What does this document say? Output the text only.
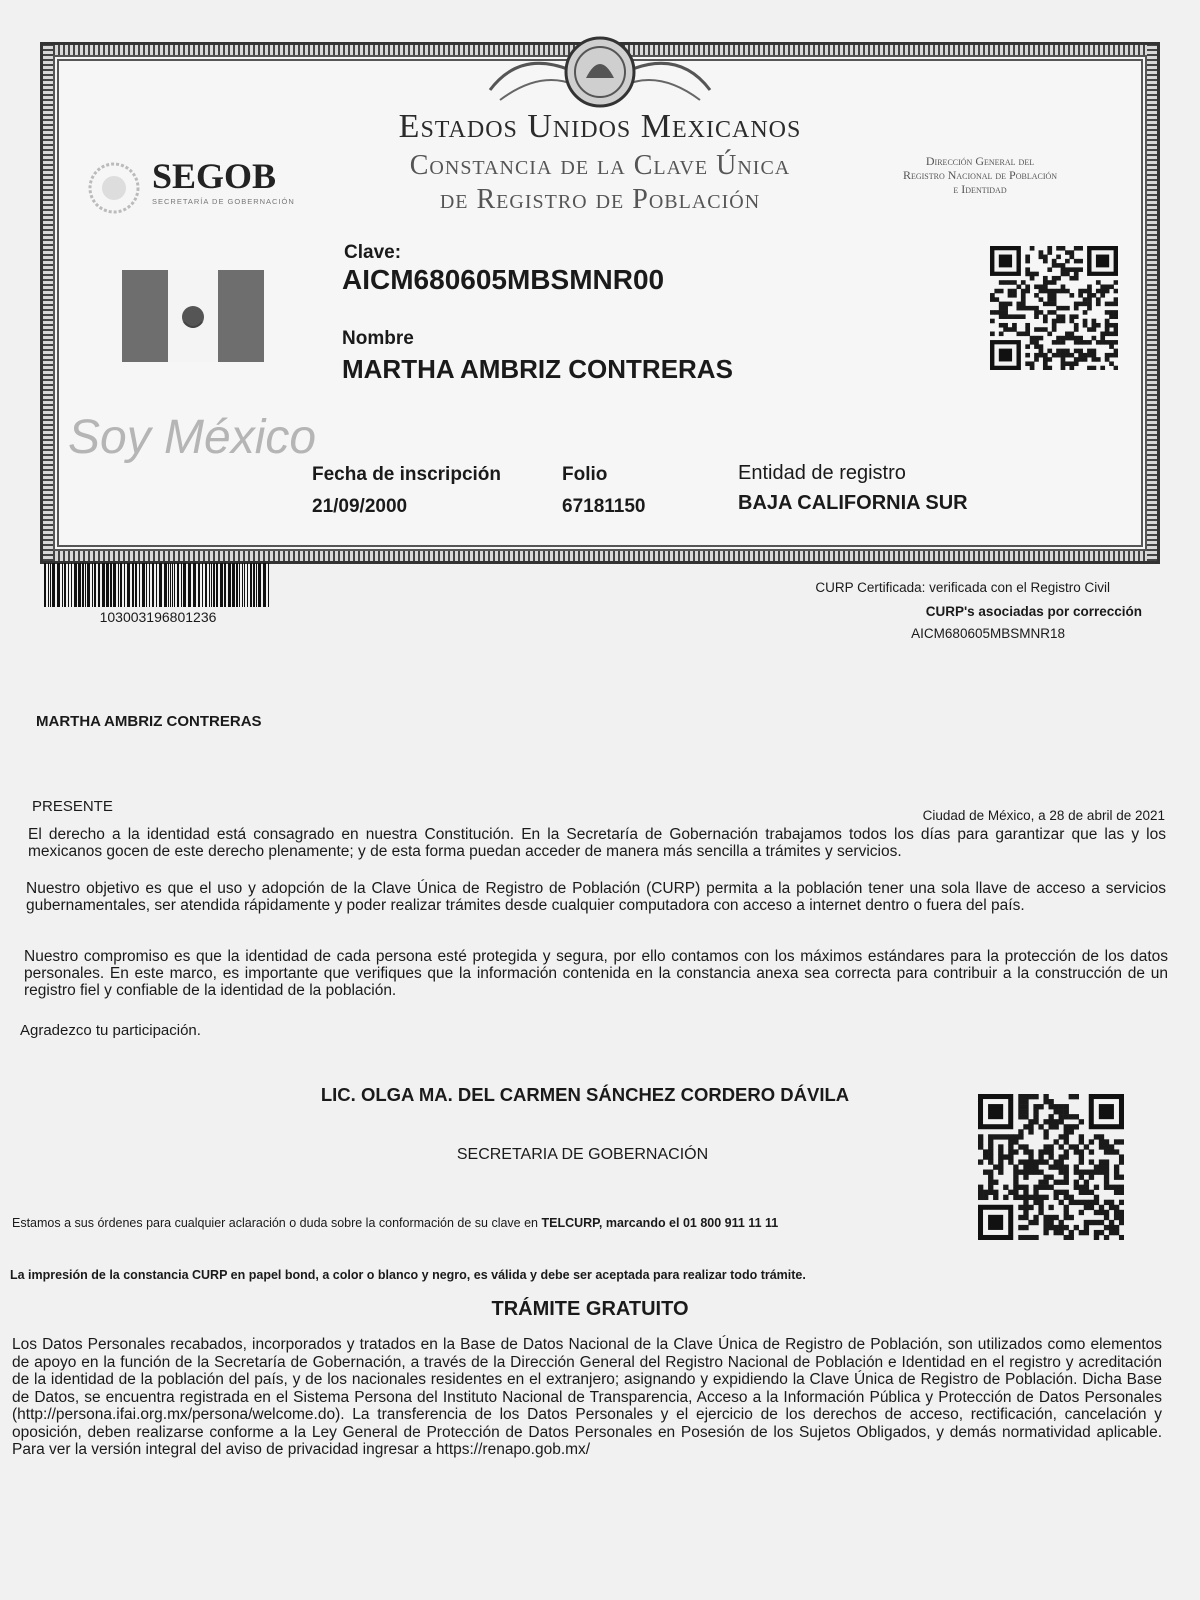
Estados Unidos Mexicanos
Constancia de la Clave Única
de Registro de Población
SEGOB
SECRETARÍA DE GOBERNACIÓN
Dirección General del
Registro Nacional de Población
e Identidad
Soy México
Clave:
AICM680605MBSMNR00
Nombre
MARTHA AMBRIZ CONTRERAS
Fecha de inscripción
21/09/2000
Folio
67181150
Entidad de registro
BAJA CALIFORNIA SUR
103003196801236
CURP Certificada: verificada con el Registro Civil
CURP's asociadas por corrección
AICM680605MBSMNR18
MARTHA AMBRIZ CONTRERAS
PRESENTE
Ciudad de México, a 28 de abril de 2021
El derecho a la identidad está consagrado en nuestra Constitución. En la Secretaría de Gobernación trabajamos todos los días para garantizar que las y los mexicanos gocen de este derecho plenamente; y de esta forma puedan acceder de manera más sencilla a trámites y servicios.
Nuestro objetivo es que el uso y adopción de la Clave Única de Registro de Población (CURP) permita a la población tener una sola llave de acceso a servicios gubernamentales, ser atendida rápidamente y poder realizar trámites desde cualquier computadora con acceso a internet dentro o fuera del país.
Nuestro compromiso es que la identidad de cada persona esté protegida y segura, por ello contamos con los máximos estándares para la protección de los datos personales. En este marco, es importante que verifiques que la información contenida en la constancia anexa sea correcta para contribuir a la construcción de un registro fiel y confiable de la identidad de la población.
Agradezco tu participación.
LIC. OLGA MA. DEL CARMEN SÁNCHEZ CORDERO DÁVILA
SECRETARIA DE GOBERNACIÓN
Estamos a sus órdenes para cualquier aclaración o duda sobre la conformación de su clave en TELCURP, marcando el 01 800 911 11 11
La impresión de la constancia CURP en papel bond, a color o blanco y negro, es válida y debe ser aceptada para realizar todo trámite.
TRÁMITE GRATUITO
Los Datos Personales recabados, incorporados y tratados en la Base de Datos Nacional de la Clave Única de Registro de Población, son utilizados como elementos de apoyo en la función de la Secretaría de Gobernación, a través de la Dirección General del Registro Nacional de Población e Identidad en el registro y acreditación de la identidad de la población del país, y de los nacionales residentes en el extranjero; asignando y expidiendo la Clave Única de Registro de Población. Dicha Base de Datos, se encuentra registrada en el Sistema Persona del Instituto Nacional de Transparencia, Acceso a la Información Pública y Protección de Datos Personales (http://persona.ifai.org.mx/persona/welcome.do). La transferencia de los Datos Personales y el ejercicio de los derechos de acceso, rectificación, cancelación y oposición, deben realizarse conforme a la Ley General de Protección de Datos Personales en Posesión de los Sujetos Obligados, y demás normatividad aplicable. Para ver la versión integral del aviso de privacidad ingresar a https://renapo.gob.mx/
